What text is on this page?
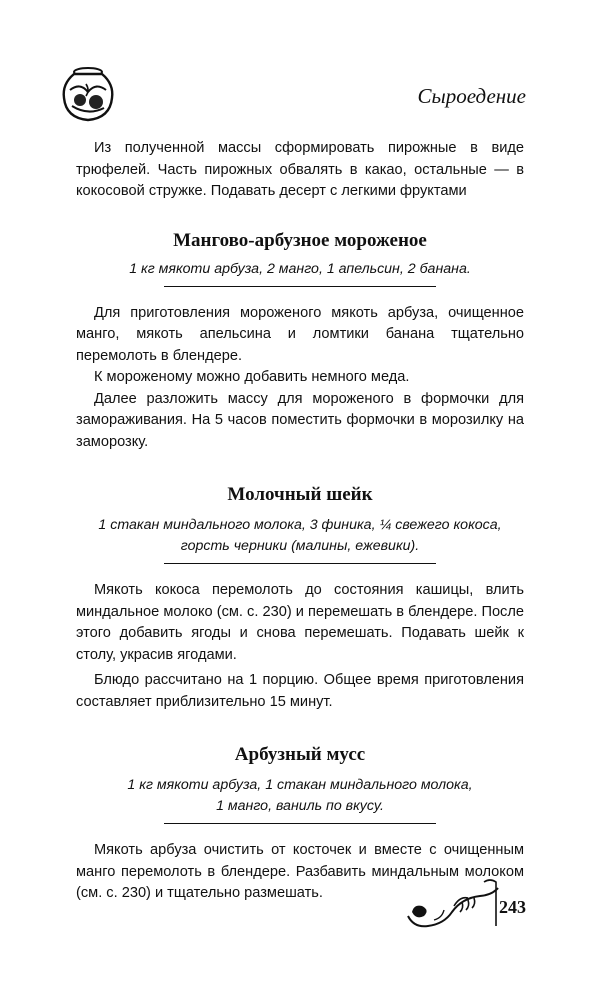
Сыроедение

Из полученной массы сформировать пирожные в виде трюфелей. Часть пирожных обвалять в какао, остальные — в кокосовой стружке. Подавать десерт с легкими фруктами

Мангово-арбузное мороженое

1 кг мякоти арбуза, 2 манго, 1 апельсин, 2 банана.

Для приготовления мороженого мякоть арбуза, очищенное манго, мякоть апельсина и ломтики банана тщательно перемолоть в блендере.

К мороженому можно добавить немного меда.

Далее разложить массу для мороженого в формочки для замораживания. На 5 часов поместить формочки в морозилку на заморозку.

Молочный шейк

1 стакан миндального молока, 3 финика, ¼ свежего кокоса,

горсть черники (малины, ежевики).

Мякоть кокоса перемолоть до состояния кашицы, влить миндальное молоко (см. с. 230) и перемешать в блендере. После этого добавить ягоды и снова перемешать. Подавать шейк к столу, украсив ягодами.

Блюдо рассчитано на 1 порцию. Общее время приготовления составляет приблизительно 15 минут.

Арбузный мусс

1 кг мякоти арбуза, 1 стакан миндального молока,

1 манго, ваниль по вкусу.

Мякоть арбуза очистить от косточек и вместе с очищенным манго перемолоть в блендере. Разбавить миндальным молоком (см. с. 230) и тщательно размешать.

243
